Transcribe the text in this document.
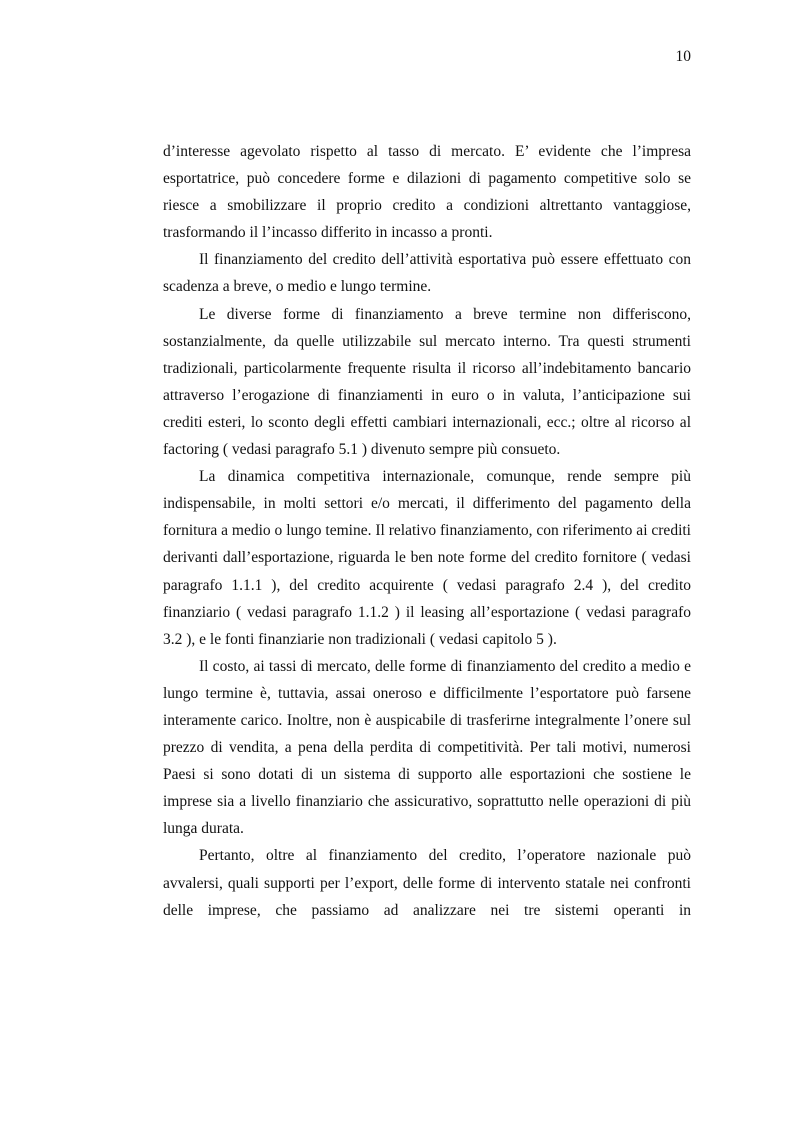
10

d’interesse agevolato rispetto al tasso di mercato. E’ evidente che l’impresa esportatrice, può concedere forme e dilazioni di pagamento competitive solo se riesce a smobilizzare il proprio credito a condizioni altrettanto vantaggiose, trasformando il l’incasso differito in incasso a pronti.

Il finanziamento del credito dell’attività esportativa può essere effettuato con scadenza a breve, o medio e lungo termine.

Le diverse forme di finanziamento a breve termine non differiscono, sostanzialmente, da quelle utilizzabile sul mercato interno. Tra questi strumenti tradizionali, particolarmente frequente risulta il ricorso all’indebitamento bancario attraverso l’erogazione di finanziamenti in euro o in valuta, l’anticipazione sui crediti esteri, lo sconto degli effetti cambiari internazionali, ecc.; oltre al ricorso al factoring ( vedasi paragrafo 5.1 ) divenuto sempre più consueto.

La dinamica competitiva internazionale, comunque, rende sempre più indispensabile, in molti settori e/o mercati, il differimento del pagamento della fornitura a medio o lungo temine. Il relativo finanziamento, con riferimento ai crediti derivanti dall’esportazione, riguarda le ben note forme del credito fornitore ( vedasi paragrafo 1.1.1 ), del credito acquirente ( vedasi paragrafo 2.4 ), del credito finanziario ( vedasi paragrafo 1.1.2 ) il leasing all’esportazione ( vedasi paragrafo 3.2 ), e le fonti finanziarie non tradizionali ( vedasi capitolo 5 ).

Il costo, ai tassi di mercato, delle forme di finanziamento del credito a medio e lungo termine è, tuttavia, assai oneroso e difficilmente l’esportatore può farsene interamente carico. Inoltre, non è auspicabile di trasferirne integralmente l’onere sul prezzo di vendita, a pena della perdita di competitività. Per tali motivi, numerosi Paesi si sono dotati di un sistema di supporto alle esportazioni che sostiene le imprese sia a livello finanziario che assicurativo, soprattutto nelle operazioni di più lunga durata.

Pertanto, oltre al finanziamento del credito, l’operatore nazionale può avvalersi, quali supporti per l’export, delle forme di intervento statale nei confronti delle imprese, che passiamo ad analizzare nei tre sistemi operanti in
